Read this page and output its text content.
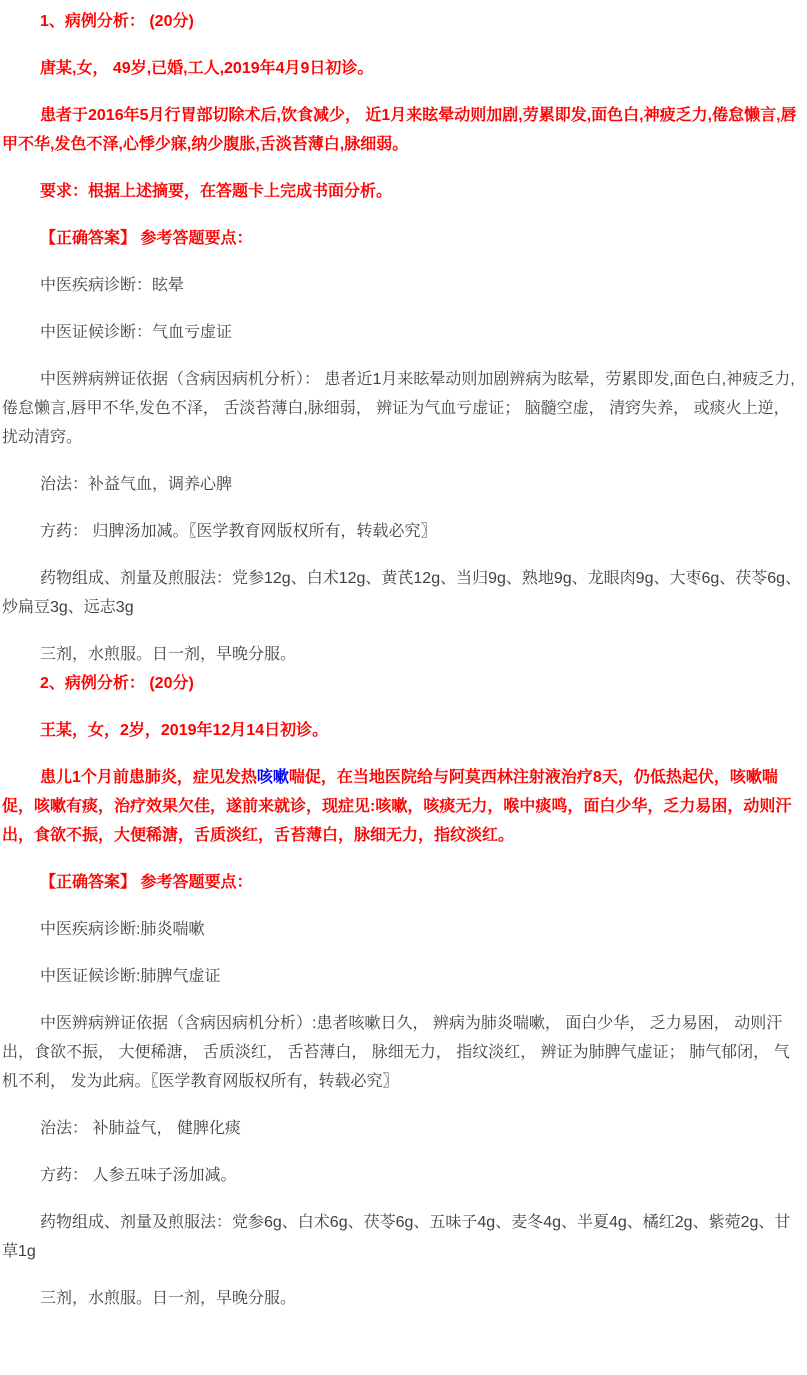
1、病例分析： (20分)

唐某,女， 49岁,已婚,工人,2019年4月9日初诊。

患者于2016年5月行胃部切除术后,饮食减少， 近1月来眩晕动则加剧,劳累即发,面色白,神疲乏力,倦怠懒言,唇甲不华,发色不泽,心悸少寐,纳少腹胀,舌淡苔薄白,脉细弱。

要求：根据上述摘要，在答题卡上完成书面分析。

【正确答案】 参考答题要点：

中医疾病诊断：眩晕

中医证候诊断：气血亏虚证

中医辨病辨证依据（含病因病机分析）： 患者近1月来眩晕动则加剧辨病为眩晕，劳累即发,面色白,神疲乏力,倦怠懒言,唇甲不华,发色不泽， 舌淡苔薄白,脉细弱， 辨证为气血亏虚证； 脑髓空虚， 清窍失养， 或痰火上逆， 扰动清窍。

治法：补益气血，调养心脾

方药： 归脾汤加减。〖医学教育网版权所有，转载必究〗

药物组成、剂量及煎服法：党参12g、白术12g、黄芪12g、当归9g、熟地9g、龙眼肉9g、大枣6g、茯苓6g、炒扁豆3g、远志3g

三剂，水煎服。日一剂，早晚分服。

2、病例分析： (20分)

王某，女，2岁，2019年12月14日初诊。

患儿1个月前患肺炎，症见发热咳嗽喘促，在当地医院给与阿莫西林注射液治疗8天，仍低热起伏，咳嗽喘促，咳嗽有痰，治疗效果欠佳，遂前来就诊，现症见:咳嗽，咳痰无力，喉中痰鸣，面白少华，乏力易困，动则汗出，食欲不振，大便稀溏，舌质淡红，舌苔薄白，脉细无力，指纹淡红。

【正确答案】 参考答题要点：

中医疾病诊断:肺炎喘嗽

中医证候诊断:肺脾气虚证

中医辨病辨证依据（含病因病机分析）:患者咳嗽日久， 辨病为肺炎喘嗽， 面白少华， 乏力易困， 动则汗出，食欲不振， 大便稀溏， 舌质淡红， 舌苔薄白， 脉细无力， 指纹淡红， 辨证为肺脾气虚证； 肺气郁闭， 气机不利， 发为此病。〖医学教育网版权所有，转载必究〗

治法： 补肺益气， 健脾化痰

方药： 人参五味子汤加减。

药物组成、剂量及煎服法：党参6g、白术6g、茯苓6g、五味子4g、麦冬4g、半夏4g、橘红2g、紫菀2g、甘草1g

三剂，水煎服。日一剂，早晚分服。
